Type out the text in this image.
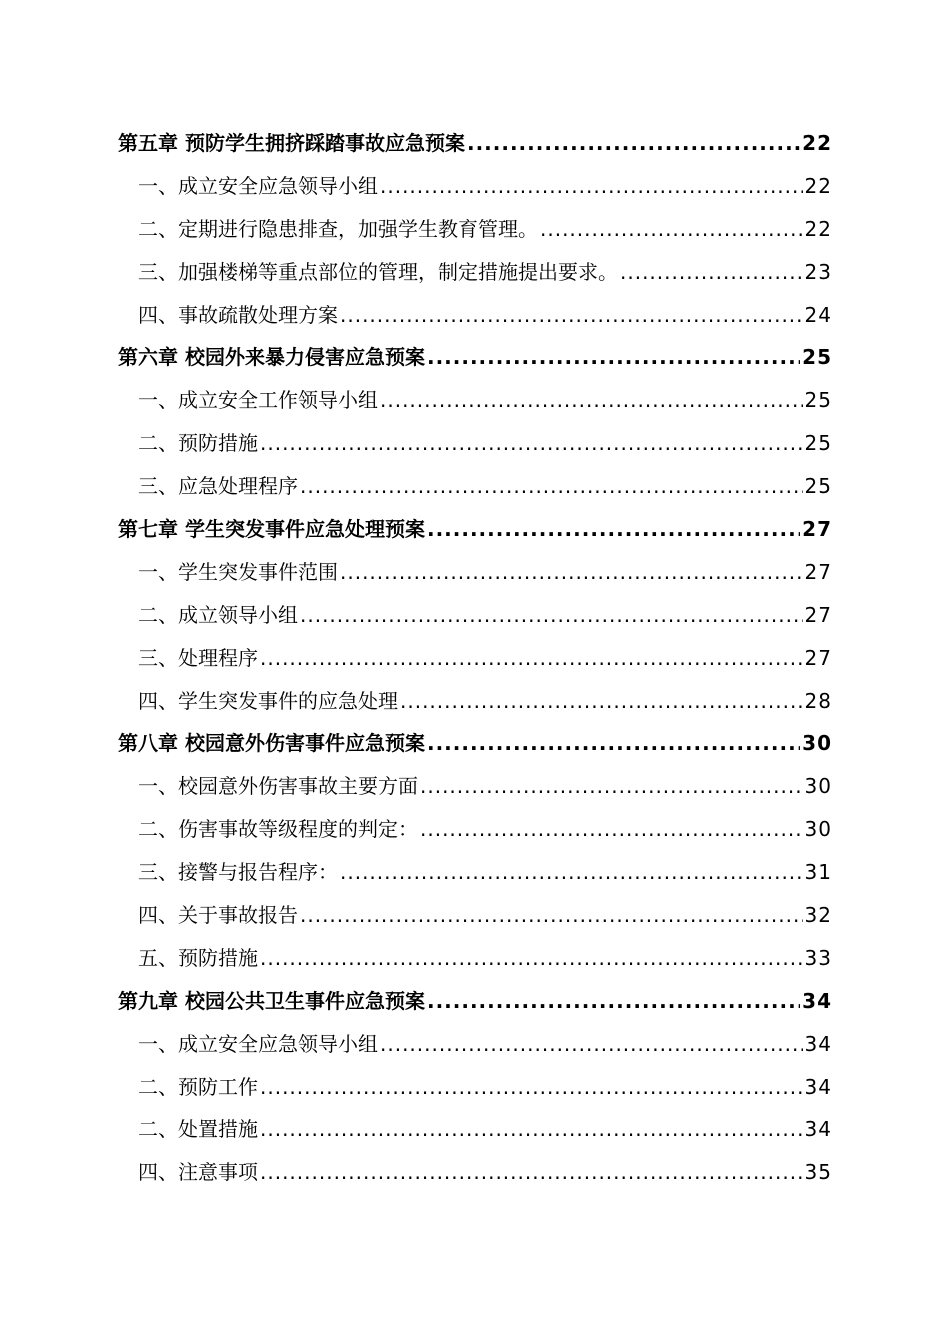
第五章 预防学生拥挤踩踏事故应急预案 .....	22
一、成立安全应急领导小组 .....	22
二、定期进行隐患排查，加强学生教育管理。 .....	22
三、加强楼梯等重点部位的管理，制定措施提出要求。 .....	23
四、事故疏散处理方案 .....	24
第六章 校园外来暴力侵害应急预案 .....	25
一、成立安全工作领导小组 .....	25
二、预防措施 .....	25
三、应急处理程序 .....	25
第七章 学生突发事件应急处理预案 .....	27
一、学生突发事件范围 .....	27
二、成立领导小组 .....	27
三、处理程序 .....	27
四、学生突发事件的应急处理 .....	28
第八章 校园意外伤害事件应急预案 .....	30
一、校园意外伤害事故主要方面 .....	30
二、伤害事故等级程度的判定： .....	30
三、接警与报告程序： .....	31
四、关于事故报告 .....	32
五、预防措施 .....	33
第九章 校园公共卫生事件应急预案 .....	34
一、成立安全应急领导小组 .....	34
二、预防工作 .....	34
二、处置措施 .....	34
四、注意事项 .....	35
